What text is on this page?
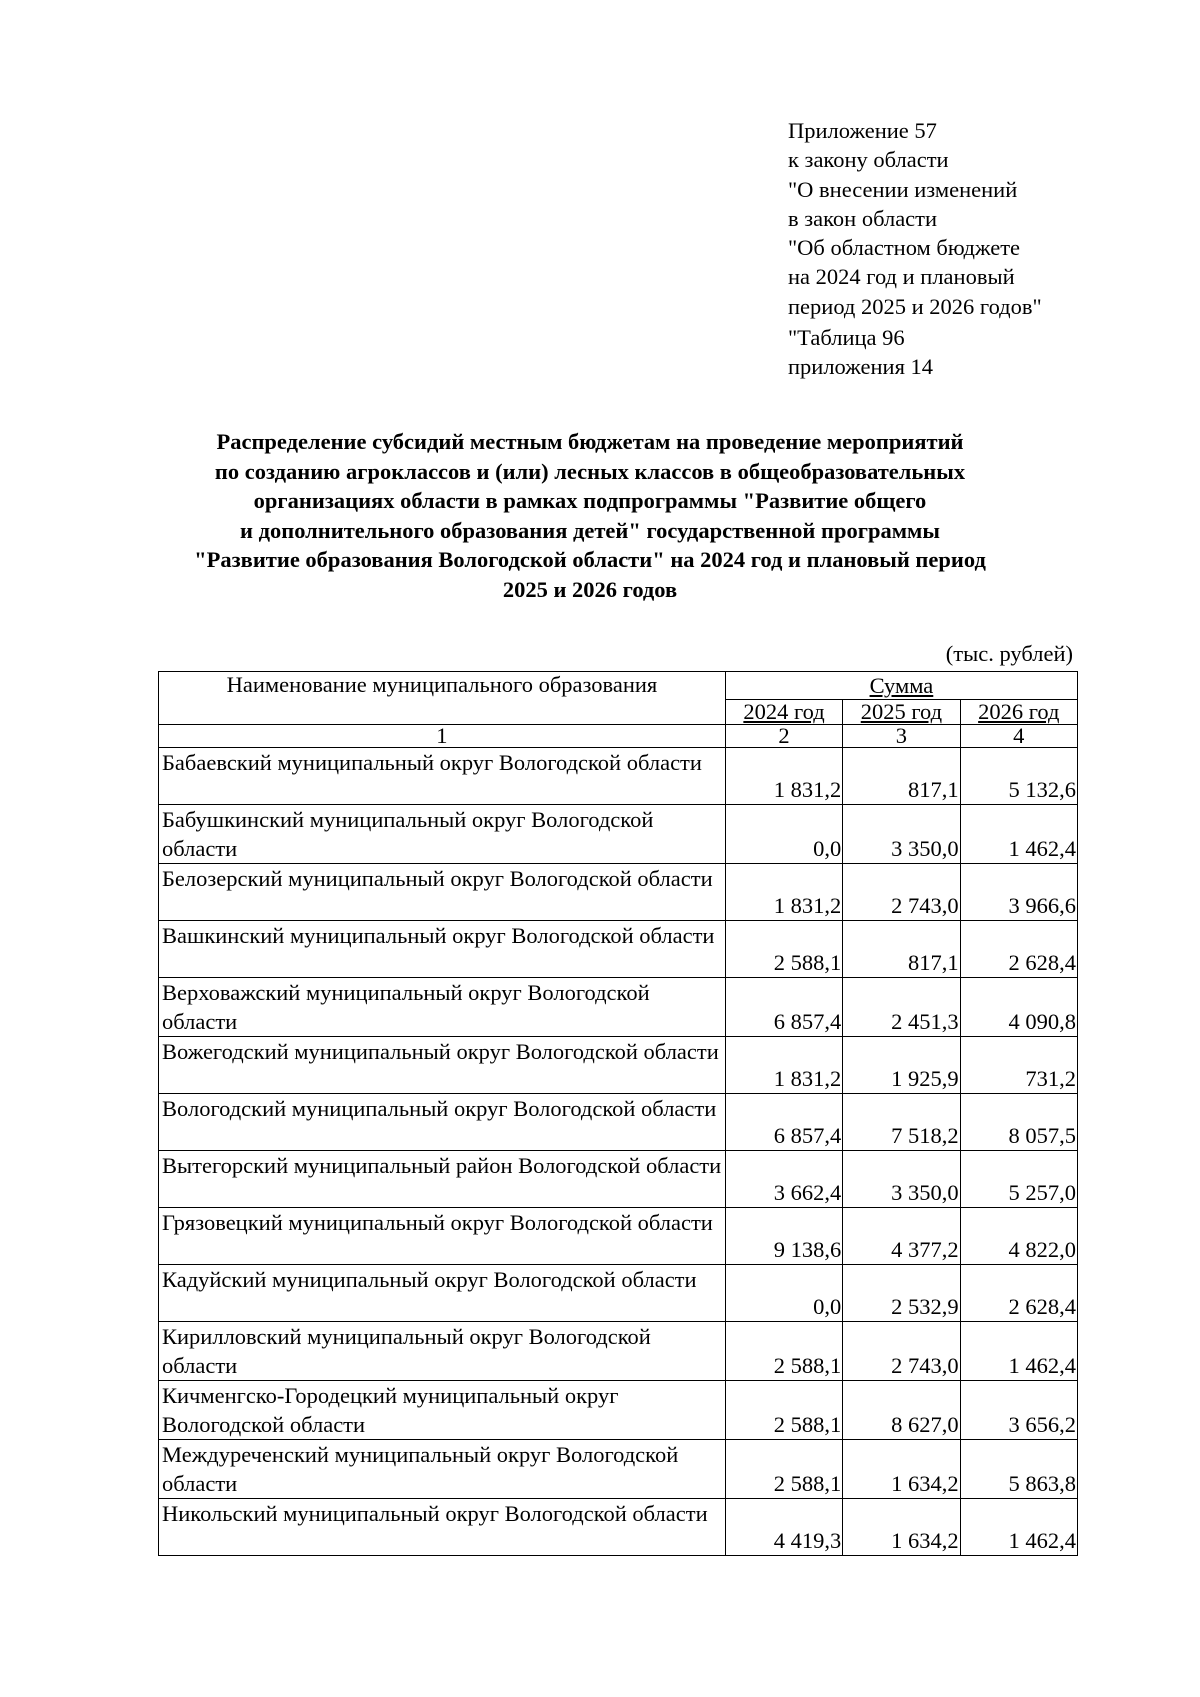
Приложение 57
к закону области
"О внесении изменений
в закон области
"Об областном бюджете
на 2024 год и плановый
период 2025 и 2026 годов"
"Таблица 96
приложения 14
Распределение субсидий местным бюджетам на проведение мероприятий
по созданию агроклассов и (или) лесных классов в общеобразовательных
организациях области в рамках подпрограммы "Развитие общего
и дополнительного образования детей" государственной программы
"Развитие образования Вологодской области" на 2024 год и плановый период
2025 и 2026 годов
(тыс. рублей)
Наименование муниципального образования	Сумма		
	2024 год	2025 год	2026 год
1	2	3	4
Бабаевский муниципальный округ Вологодской области	1 831,2	817,1	5 132,6
Бабушкинский муниципальный округ Вологодской области	0,0	3 350,0	1 462,4
Белозерский муниципальный округ Вологодской области	1 831,2	2 743,0	3 966,6
Вашкинский муниципальный округ Вологодской области	2 588,1	817,1	2 628,4
Верховажский муниципальный округ Вологодской области	6 857,4	2 451,3	4 090,8
Вожегодский муниципальный округ Вологодской области	1 831,2	1 925,9	731,2
Вологодский муниципальный округ Вологодской области	6 857,4	7 518,2	8 057,5
Вытегорский муниципальный район Вологодской области	3 662,4	3 350,0	5 257,0
Грязовецкий муниципальный округ Вологодской области	9 138,6	4 377,2	4 822,0
Кадуйский муниципальный округ Вологодской области	0,0	2 532,9	2 628,4
Кирилловский муниципальный округ Вологодской области	2 588,1	2 743,0	1 462,4
Кичменгско-Городецкий муниципальный округ Вологодской области	2 588,1	8 627,0	3 656,2
Междуреченский муниципальный округ Вологодской области	2 588,1	1 634,2	5 863,8
Никольский муниципальный округ Вологодской области	4 419,3	1 634,2	1 462,4
